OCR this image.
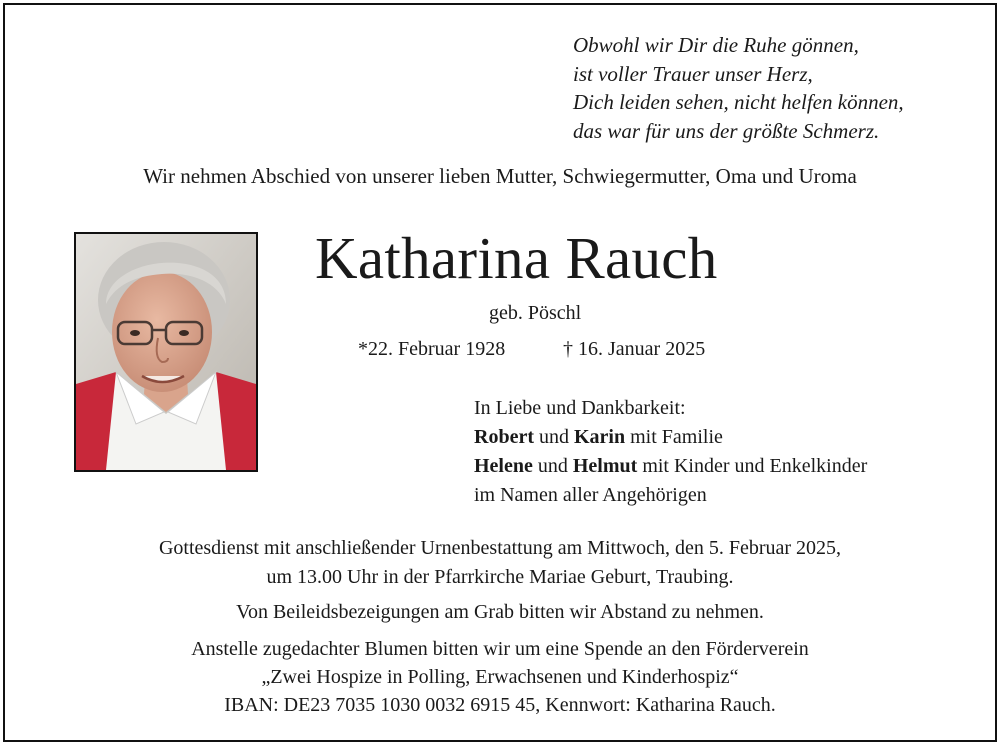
Obwohl wir Dir die Ruhe gönnen,
ist voller Trauer unser Herz,
Dich leiden sehen, nicht helfen können,
das war für uns der größte Schmerz.
Wir nehmen Abschied von unserer lieben Mutter, Schwiegermutter, Oma und Uroma
Katharina Rauch
geb. Pöschl
*22. Februar 1928	† 16. Januar 2025
In Liebe und Dankbarkeit:
Robert und Karin mit Familie
Helene und Helmut mit Kinder und Enkelkinder
im Namen aller Angehörigen
Gottesdienst mit anschließender Urnenbestattung am Mittwoch, den 5. Februar 2025,
um 13.00 Uhr in der Pfarrkirche Mariae Geburt, Traubing.
Von Beileidsbezeigungen am Grab bitten wir Abstand zu nehmen.
Anstelle zugedachter Blumen bitten wir um eine Spende an den Förderverein
„Zwei Hospize in Polling, Erwachsenen und Kinderhospiz“
IBAN: DE23 7035 1030 0032 6915 45, Kennwort: Katharina Rauch.
